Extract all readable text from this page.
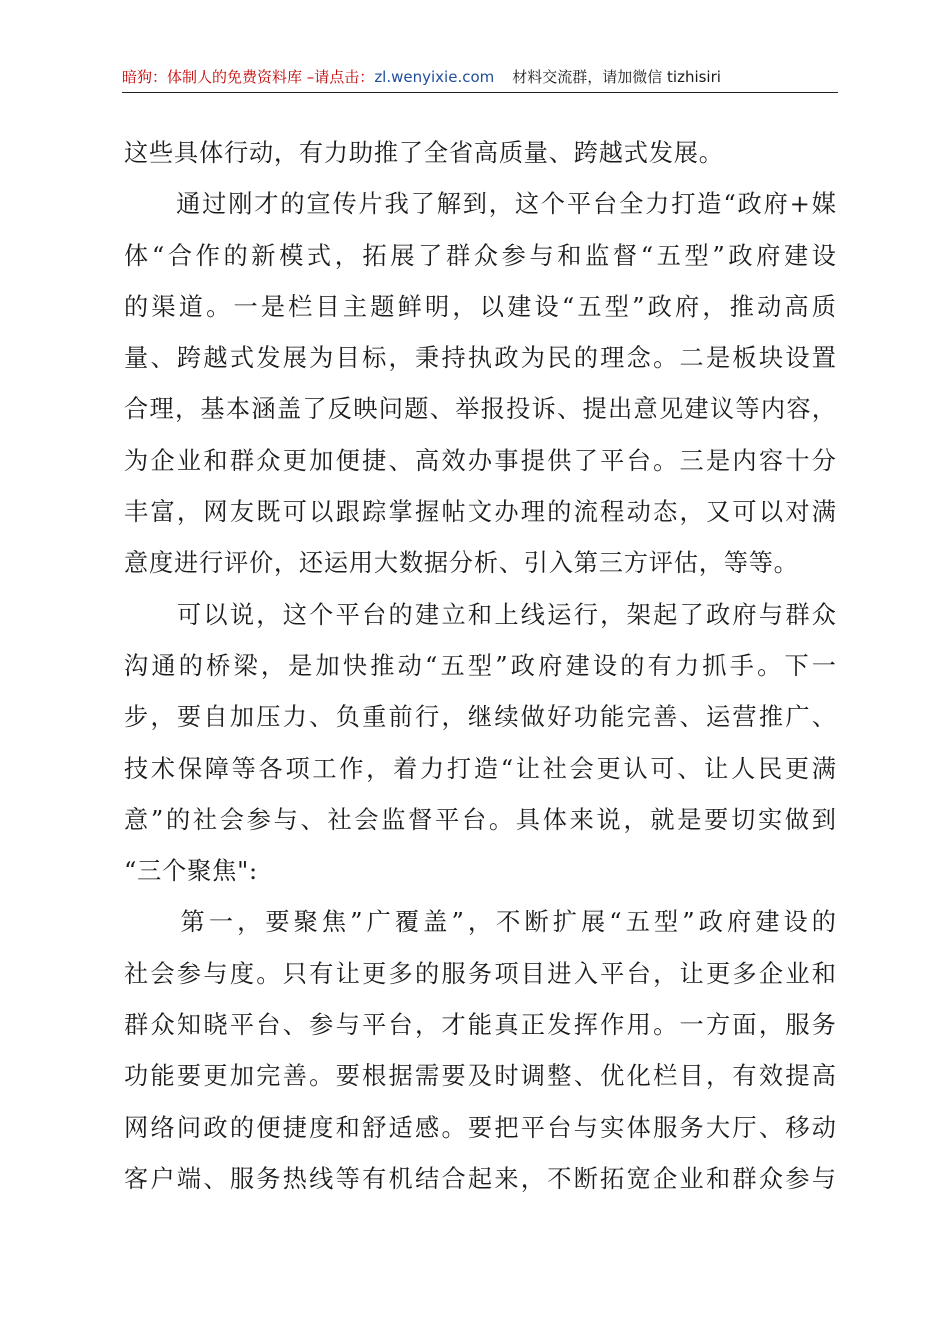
暗狗：体制人的免费资料库 –请点击：zl.wenyixie.com 材料交流群，请加微信 tizhisiri
这些具体行动，有力助推了全省高质量、跨越式发展。
　　通过刚才的宣传片我了解到，这个平台全力打造“政府+媒
体“合作的新模式，拓展了群众参与和监督“五型”政府建设
的渠道。一是栏目主题鲜明，以建设“五型”政府，推动高质
量、跨越式发展为目标，秉持执政为民的理念。二是板块设置
合理，基本涵盖了反映问题、举报投诉、提出意见建议等内容，
为企业和群众更加便捷、高效办事提供了平台。三是内容十分
丰富，网友既可以跟踪掌握帖文办理的流程动态，又可以对满
意度进行评价，还运用大数据分析、引入第三方评估，等等。
　　可以说，这个平台的建立和上线运行，架起了政府与群众
沟通的桥梁，是加快推动“五型”政府建设的有力抓手。下一
步，要自加压力、负重前行，继续做好功能完善、运营推广、
技术保障等各项工作，着力打造“让社会更认可、让人民更满
意”的社会参与、社会监督平台。具体来说，就是要切实做到
“三个聚焦":
　　第一，要聚焦”广覆盖”，不断扩展“五型”政府建设的
社会参与度。只有让更多的服务项目进入平台，让更多企业和
群众知晓平台、参与平台，才能真正发挥作用。一方面，服务
功能要更加完善。要根据需要及时调整、优化栏目，有效提高
网络问政的便捷度和舒适感。要把平台与实体服务大厅、移动
客户端、服务热线等有机结合起来，不断拓宽企业和群众参与
